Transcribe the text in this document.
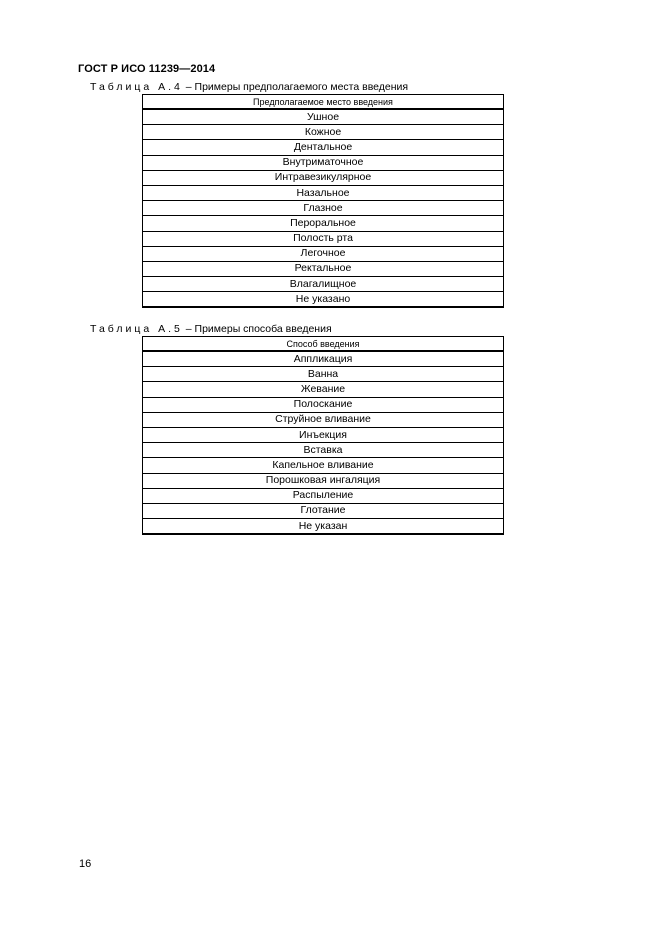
ГОСТ Р ИСО 11239—2014
Таблица А.4 – Примеры предполагаемого места введения
Предполагаемое место введения
Ушное
Кожное
Дентальное
Внутриматочное
Интравезикулярное
Назальное
Глазное
Пероральное
Полость рта
Легочное
Ректальное
Влагалищное
Не указано
Таблица А.5 – Примеры способа введения
Способ введения
Аппликация
Ванна
Жевание
Полоскание
Струйное вливание
Инъекция
Вставка
Капельное вливание
Порошковая ингаляция
Распыление
Глотание
Не указан
16
